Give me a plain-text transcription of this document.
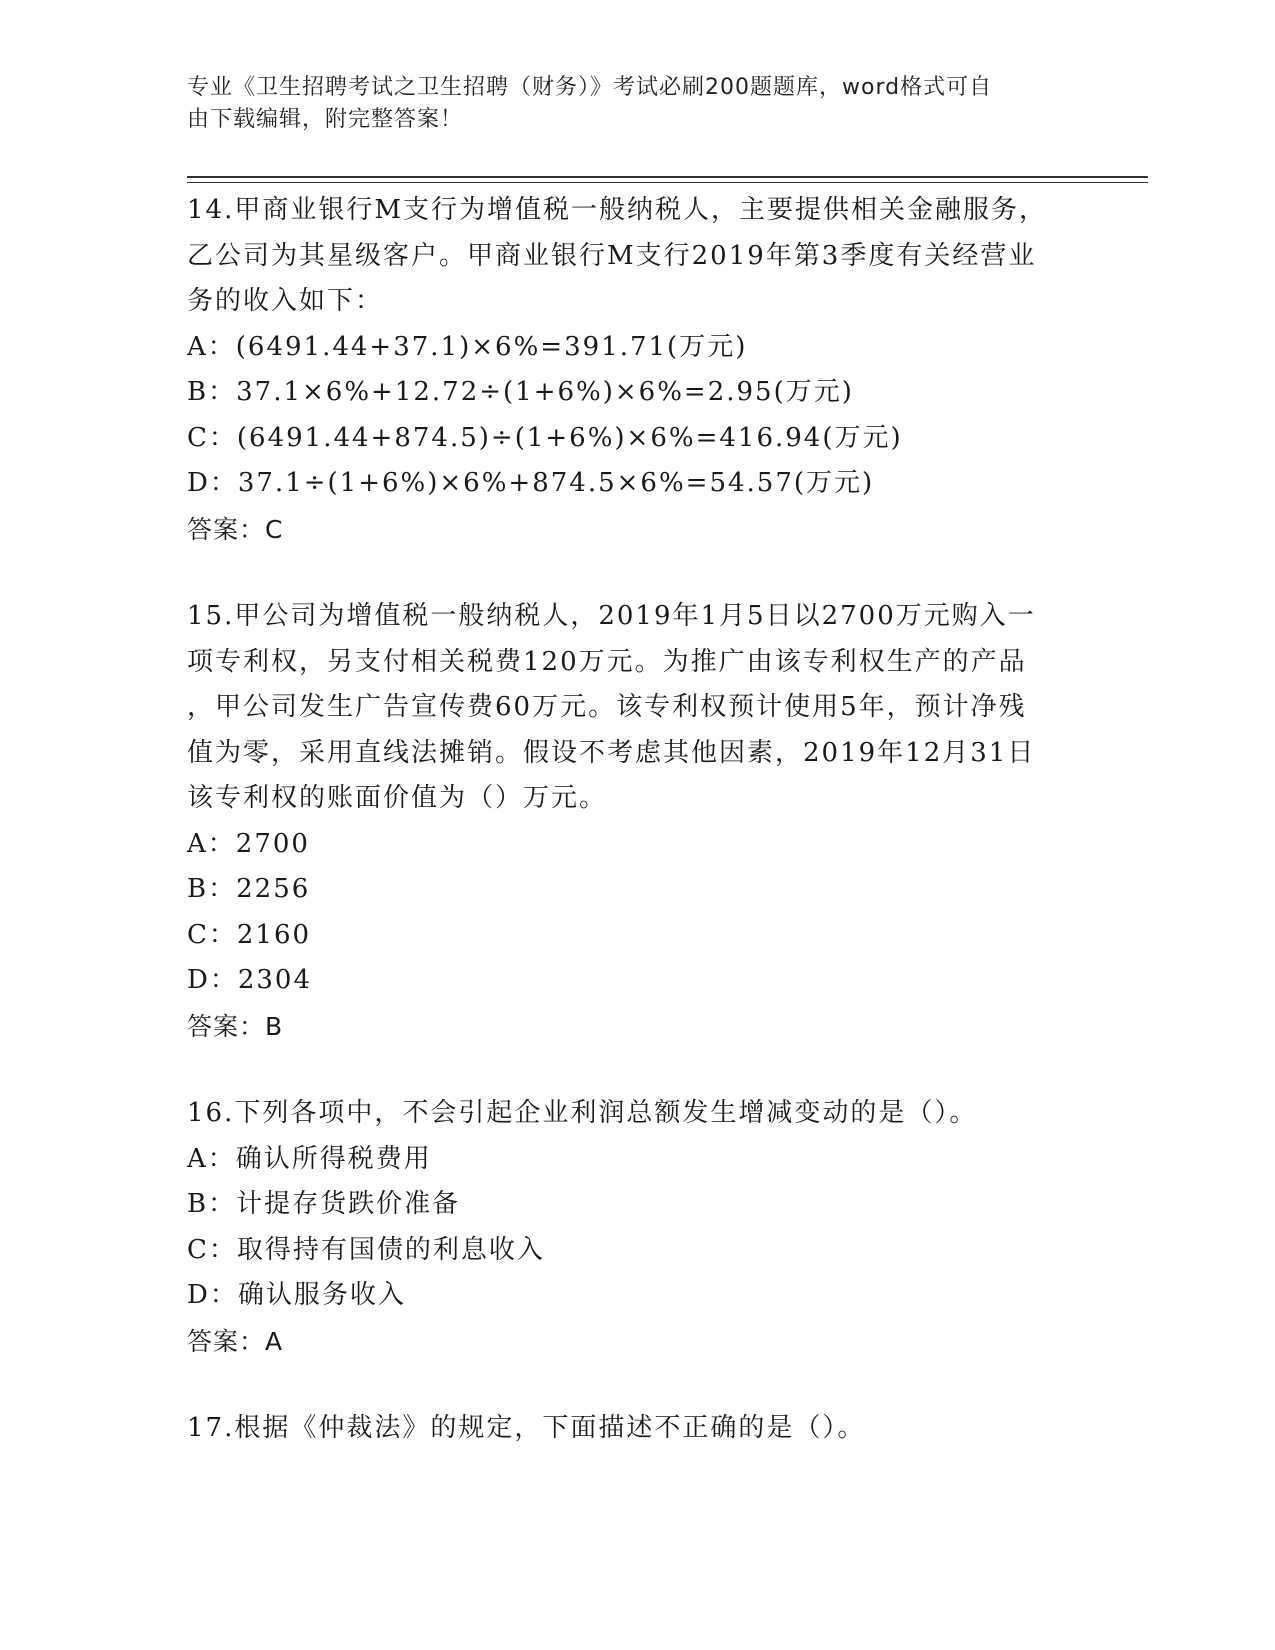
专业《卫生招聘考试之卫生招聘（财务）》考试必刷200题题库，word格式可自
由下载编辑，附完整答案！
14.甲商业银行M支行为增值税一般纳税人，主要提供相关金融服务，
乙公司为其星级客户。甲商业银行M支行2019年第3季度有关经营业
务的收入如下：
A：(6491.44+37.1)×6%=391.71(万元)
B：37.1×6%+12.72÷(1+6%)×6%=2.95(万元)
C：(6491.44+874.5)÷(1+6%)×6%=416.94(万元)
D：37.1÷(1+6%)×6%+874.5×6%=54.57(万元)
答案：C
15.甲公司为增值税一般纳税人，2019年1月5日以2700万元购入一
项专利权，另支付相关税费120万元。为推广由该专利权生产的产品
，甲公司发生广告宣传费60万元。该专利权预计使用5年，预计净残
值为零，采用直线法摊销。假设不考虑其他因素，2019年12月31日
该专利权的账面价值为（）万元。
A：2700
B：2256
C：2160
D：2304
答案：B
16.下列各项中，不会引起企业利润总额发生增减变动的是（）。
A：确认所得税费用
B：计提存货跌价准备
C：取得持有国债的利息收入
D：确认服务收入
答案：A
17.根据《仲裁法》的规定，下面描述不正确的是（）。
